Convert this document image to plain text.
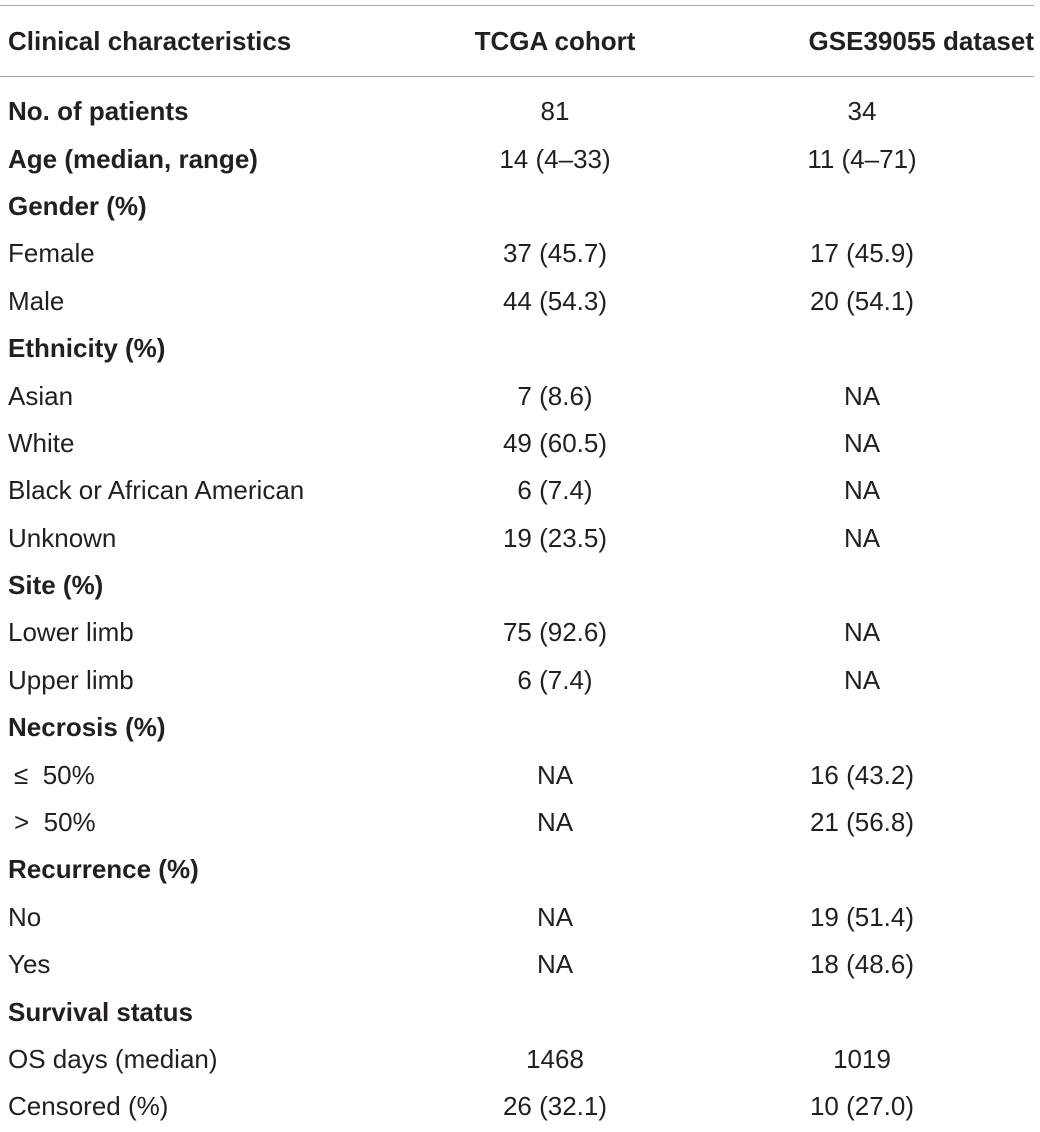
Clinical characteristics	TCGA cohort	GSE39055 dataset
No. of patients	81	34
Age (median, range)	14 (4–33)	11 (4–71)
Gender (%)
Female	37 (45.7)	17 (45.9)
Male	44 (54.3)	20 (54.1)
Ethnicity (%)
Asian	7 (8.6)	NA
White	49 (60.5)	NA
Black or African American	6 (7.4)	NA
Unknown	19 (23.5)	NA
Site (%)
Lower limb	75 (92.6)	NA
Upper limb	6 (7.4)	NA
Necrosis (%)
≤  50%	NA	16 (43.2)
>  50%	NA	21 (56.8)
Recurrence (%)
No	NA	19 (51.4)
Yes	NA	18 (48.6)
Survival status
OS days (median)	1468	1019
Censored (%)	26 (32.1)	10 (27.0)
